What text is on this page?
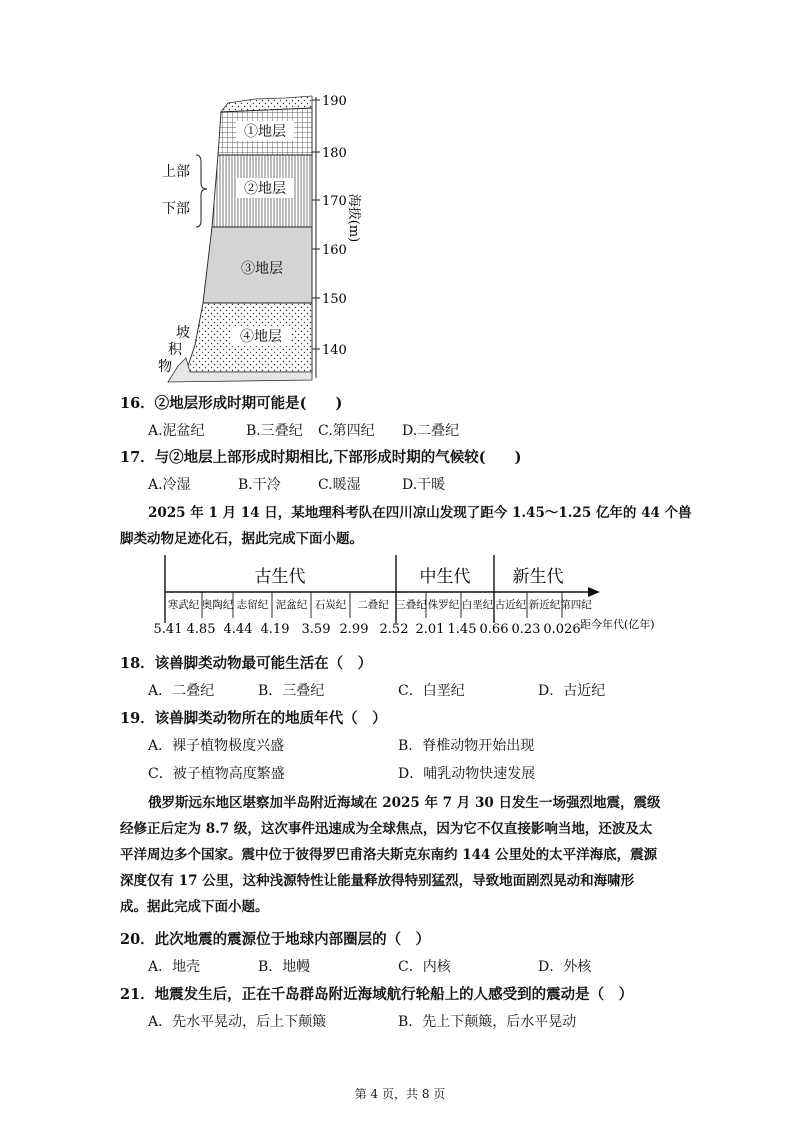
①地层
②地层
③地层
④地层
190
180
170
160
150
140
海拔(m)
上部
下部
坡
积
物
16．②地层形成时期可能是(　　)
A.泥盆纪	B.三叠纪 C.第四纪 D.二叠纪
17．与②地层上部形成时期相比,下部形成时期的气候较(　　)
A.冷湿	B.干冷	C.暖湿	D.干暖
2025 年 1 月 14 日，某地理科考队在四川凉山发现了距今 1.45～1.25 亿年的 44 个兽
脚类动物足迹化石，据此完成下面小题。
古生代	中生代 新生代
寒武纪 奥陶纪 志留纪 泥盆纪 石炭纪 二叠纪 三叠纪 侏罗纪 白垩纪 古近纪 新近纪 第四纪
5.41 4.85 4.44 4.19 3.59 2.99 2.52 2.01 1.45 0.66 0.23 0.026 距今年代(亿年)
18．该兽脚类动物最可能生活在（　）
A．二叠纪	B．三叠纪	C．白垩纪	D．古近纪
19．该兽脚类动物所在的地质年代（　）
A．裸子植物极度兴盛	B．脊椎动物开始出现
C．被子植物高度繁盛	D．哺乳动物快速发展
俄罗斯远东地区堪察加半岛附近海域在 2025 年 7 月 30 日发生一场强烈地震，震级
经修正后定为 8.7 级，这次事件迅速成为全球焦点，因为它不仅直接影响当地，还波及太
平洋周边多个国家。震中位于彼得罗巴甫洛夫斯克东南约 144 公里处的太平洋海底，震源
深度仅有 17 公里，这种浅源特性让能量释放得特别猛烈，导致地面剧烈晃动和海啸形
成。据此完成下面小题。
20．此次地震的震源位于地球内部圈层的（　）
A．地壳	B．地幔	C．内核	D．外核
21．地震发生后，正在千岛群岛附近海域航行轮船上的人感受到的震动是（　）
A．先水平晃动，后上下颠簸	B．先上下颠簸，后水平晃动
第 4 页，共 8 页
